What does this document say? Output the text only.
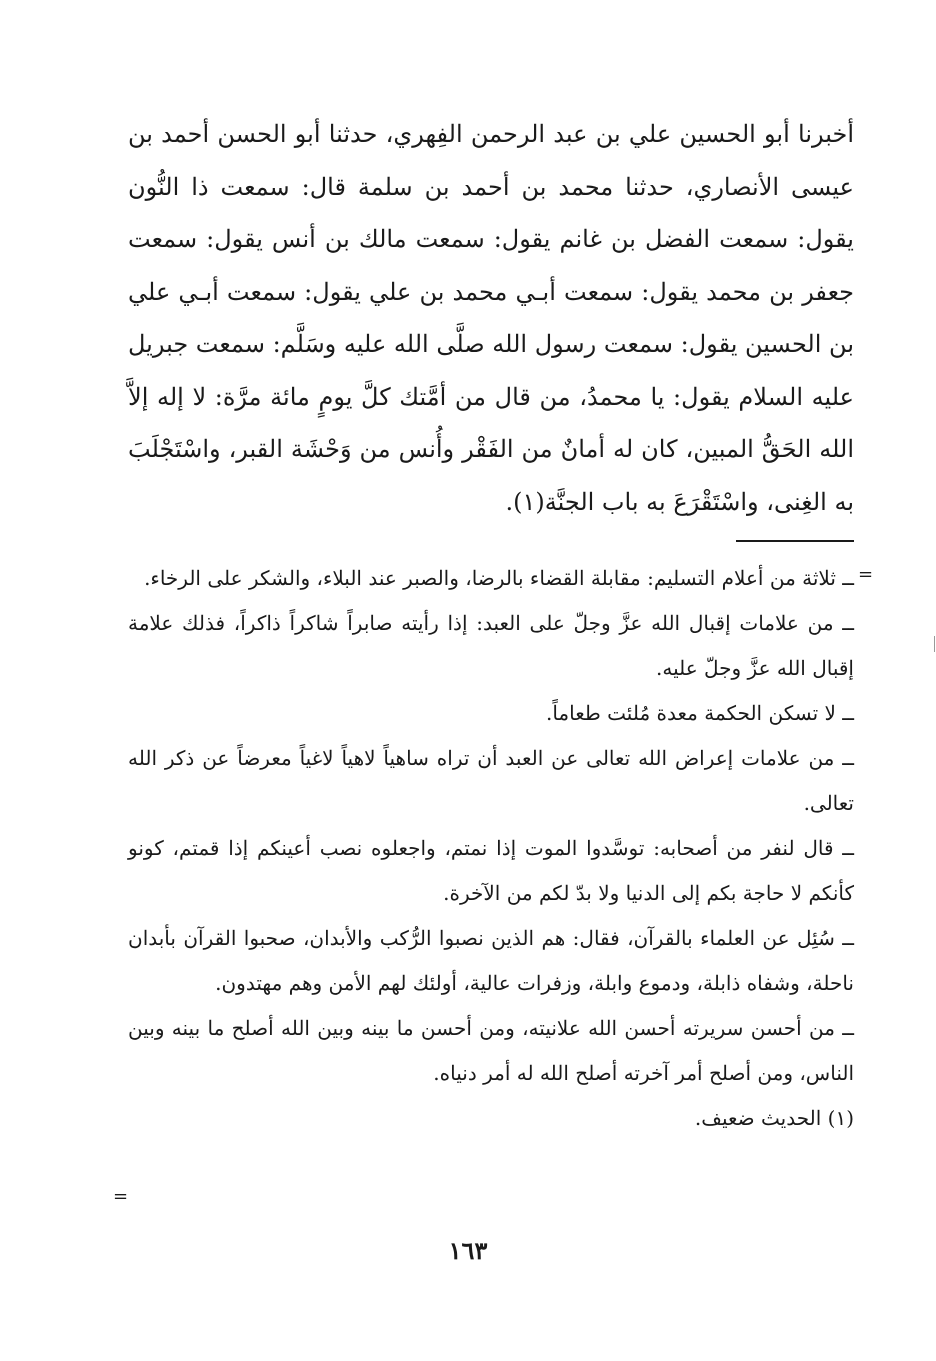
أخبرنا أبو الحسين علي بن عبد الرحمن الفِهري، حدثنا أبو الحسن أحمد بن عيسى الأنصاري، حدثنا محمد بن أحمد بن سلمة قال: سمعت ذا النُّون يقول: سمعت الفضل بن غانم يقول: سمعت مالك بن أنس يقول: سمعت جعفر بن محمد يقول: سمعت أبـي محمد بن علي يقول: سمعت أبـي علي بن الحسين يقول: سمعت رسول الله صلَّى الله عليه وسَلَّم: سمعت جبريل عليه السلام يقول: يا محمدُ، من قال من أمَّتك كلَّ يومٍ مائة مرَّة: لا إله إلاَّ الله الحَقُّ المبين، كان له أمانٌ من الفَقْر وأُنس من وَحْشَة القبر، واسْتَجْلَبَ به الغِنى، واسْتَقْرَعَ به باب الجنَّة(١).

=

ــ ثلاثة من أعلام التسليم: مقابلة القضاء بالرضا، والصبر عند البلاء، والشكر على الرخاء.

ــ من علامات إقبال الله عزَّ وجلّ على العبد: إذا رأيته صابراً شاكراً ذاكراً، فذلك علامة إقبال الله عزَّ وجلّ عليه.

ــ لا تسكن الحكمة معدة مُلئت طعاماً.

ــ من علامات إعراض الله تعالى عن العبد أن تراه ساهياً لاهياً لاغياً معرضاً عن ذكر الله تعالى.

ــ قال لنفر من أصحابه: توسَّدوا الموت إذا نمتم، واجعلوه نصب أعينكم إذا قمتم، كونو كأنكم لا حاجة بكم إلى الدنيا ولا بدّ لكم من الآخرة.

ــ سُئِل عن العلماء بالقرآن، فقال: هم الذين نصبوا الرُّكب والأبدان، صحبوا القرآن بأبدان ناحلة، وشفاه ذابلة، ودموع وابلة، وزفرات عالية، أولئك لهم الأمن وهم مهتدون.

ــ من أحسن سريرته أحسن الله علانيته، ومن أحسن ما بينه وبين الله أصلح ما بينه وبين الناس، ومن أصلح أمر آخرته أصلح الله له أمر دنياه.

(١) الحديث ضعيف.

=
١٦٣
